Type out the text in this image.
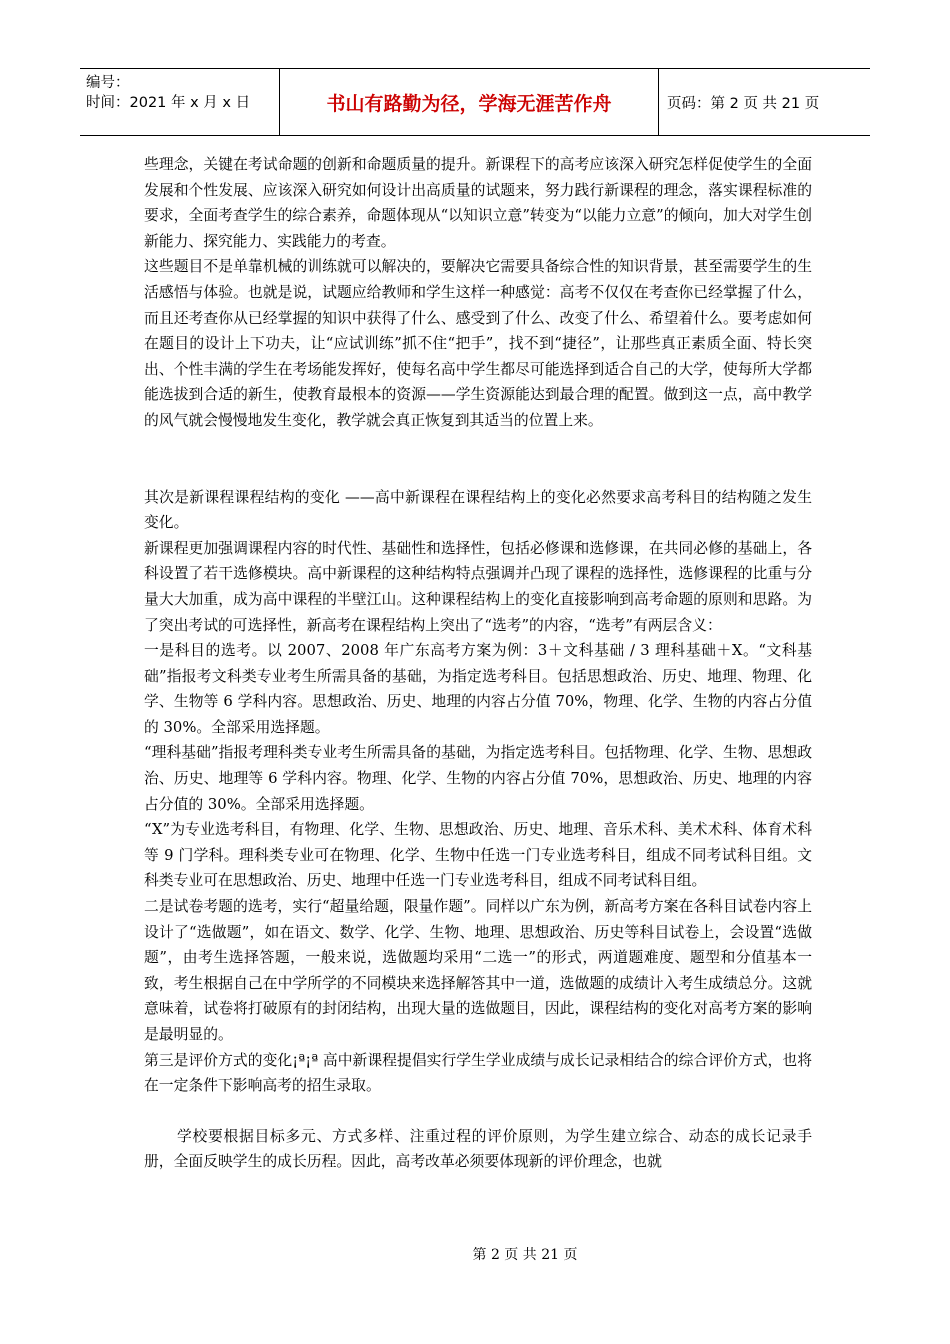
编号：
时间：2021 年 x 月 x 日	书山有路勤为径，学海无涯苦作舟	页码：第 2 页 共 21 页

些理念，关键在考试命题的创新和命题质量的提升。新课程下的高考应该深入研究怎样促使学生的全面发展和个性发展、应该深入研究如何设计出高质量的试题来，努力践行新课程的理念，落实课程标准的要求，全面考查学生的综合素养，命题体现从“以知识立意”转变为“以能力立意”的倾向，加大对学生创新能力、探究能力、实践能力的考查。

这些题目不是单靠机械的训练就可以解决的，要解决它需要具备综合性的知识背景，甚至需要学生的生活感悟与体验。也就是说，试题应给教师和学生这样一种感觉：高考不仅仅在考查你已经掌握了什么，而且还考查你从已经掌握的知识中获得了什么、感受到了什么、改变了什么、希望着什么。要考虑如何在题目的设计上下功夫，让“应试训练”抓不住“把手”，找不到“捷径”，让那些真正素质全面、特长突出、个性丰满的学生在考场能发挥好，使每名高中学生都尽可能选择到适合自己的大学，使每所大学都能选拔到合适的新生，使教育最根本的资源——学生资源能达到最合理的配置。做到这一点，高中教学的风气就会慢慢地发生变化，教学就会真正恢复到其适当的位置上来。

其次是新课程课程结构的变化 ——高中新课程在课程结构上的变化必然要求高考科目的结构随之发生变化。

新课程更加强调课程内容的时代性、基础性和选择性，包括必修课和选修课，在共同必修的基础上，各科设置了若干选修模块。高中新课程的这种结构特点强调并凸现了课程的选择性，选修课程的比重与分量大大加重，成为高中课程的半壁江山。这种课程结构上的变化直接影响到高考命题的原则和思路。为了突出考试的可选择性，新高考在课程结构上突出了“选考”的内容，“选考”有两层含义：

一是科目的选考。以 2007、2008 年广东高考方案为例：3＋文科基础 / 3 理科基础＋X。“文科基础”指报考文科类专业考生所需具备的基础，为指定选考科目。包括思想政治、历史、地理、物理、化学、生物等 6 学科内容。思想政治、历史、地理的内容占分值 70%，物理、化学、生物的内容占分值的 30%。全部采用选择题。

“理科基础”指报考理科类专业考生所需具备的基础，为指定选考科目。包括物理、化学、生物、思想政治、历史、地理等 6 学科内容。物理、化学、生物的内容占分值 70%，思想政治、历史、地理的内容占分值的 30%。全部采用选择题。

“X”为专业选考科目，有物理、化学、生物、思想政治、历史、地理、音乐术科、美术术科、体育术科等 9 门学科。理科类专业可在物理、化学、生物中任选一门专业选考科目，组成不同考试科目组。文科类专业可在思想政治、历史、地理中任选一门专业选考科目，组成不同考试科目组。

二是试卷考题的选考，实行“超量给题，限量作题”。同样以广东为例，新高考方案在各科目试卷内容上设计了“选做题”，如在语文、数学、化学、生物、地理、思想政治、历史等科目试卷上，会设置“选做题”，由考生选择答题，一般来说，选做题均采用“二选一”的形式，两道题难度、题型和分值基本一致，考生根据自己在中学所学的不同模块来选择解答其中一道，选做题的成绩计入考生成绩总分。这就意味着，试卷将打破原有的封闭结构，出现大量的选做题目，因此，课程结构的变化对高考方案的影响是最明显的。

第三是评价方式的变化¡ª¡ª 高中新课程提倡实行学生学业成绩与成长记录相结合的综合评价方式，也将在一定条件下影响高考的招生录取。

学校要根据目标多元、方式多样、注重过程的评价原则，为学生建立综合、动态的成长记录手册，全面反映学生的成长历程。因此，高考改革必须要体现新的评价理念，也就

第 2 页 共 21 页
